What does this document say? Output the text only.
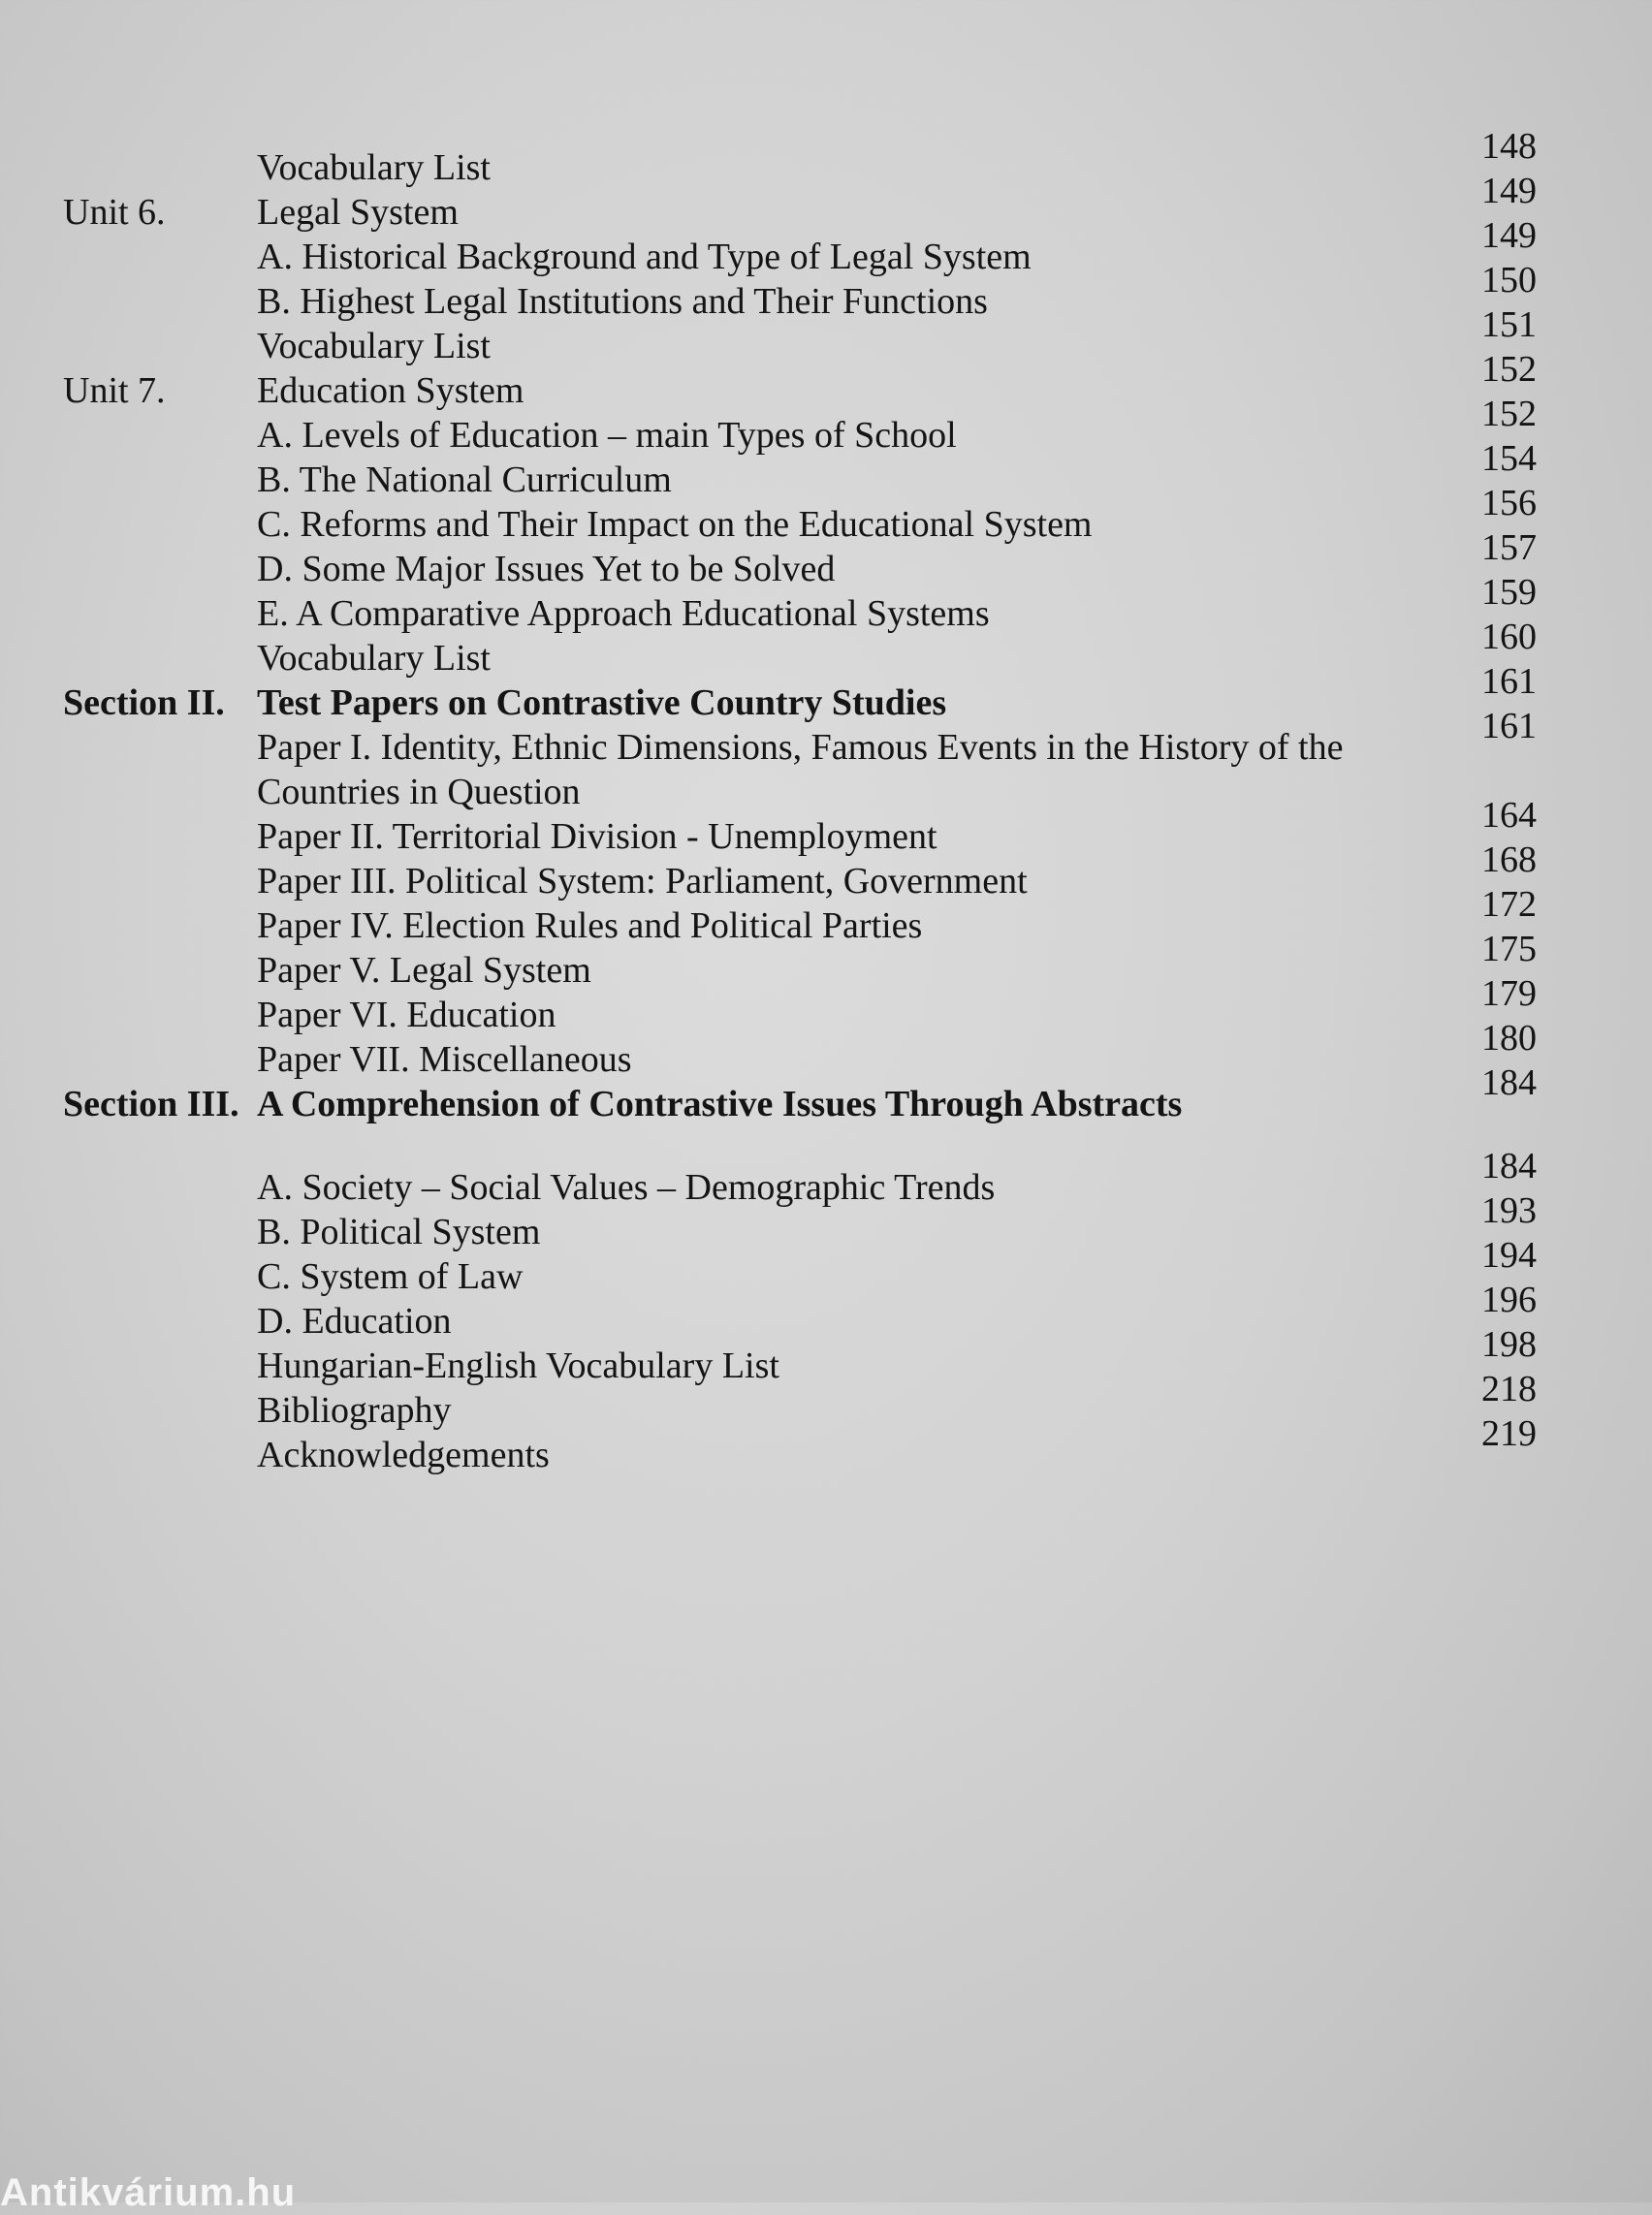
Vocabulary List
148
Unit 6.	Legal System
149
A. Historical Background and Type of Legal System
149
B. Highest Legal Institutions and Their Functions
150
Vocabulary List
151
Unit 7.	Education System
152
A. Levels of Education – main Types of School
152
B. The National Curriculum
154
C. Reforms and Their Impact on the Educational System
156
D. Some Major Issues Yet to be Solved
157
E. A Comparative Approach Educational Systems
159
Vocabulary List
160
Section II. Test Papers on Contrastive Country Studies
161
Paper I. Identity, Ethnic Dimensions, Famous Events in the History of the Countries in Question
161
Paper II. Territorial Division - Unemployment
164
Paper III. Political System: Parliament, Government
168
Paper IV. Election Rules and Political Parties
172
Paper V. Legal System
175
Paper VI. Education
179
Paper VII. Miscellaneous
180
Section III. A Comprehension of Contrastive Issues Through Abstracts
184
A. Society – Social Values – Demographic Trends
184
B. Political System
193
C. System of Law
194
D. Education
196
Hungarian-English Vocabulary List
198
Bibliography
218
Acknowledgements
219
Antikvárium.hu
